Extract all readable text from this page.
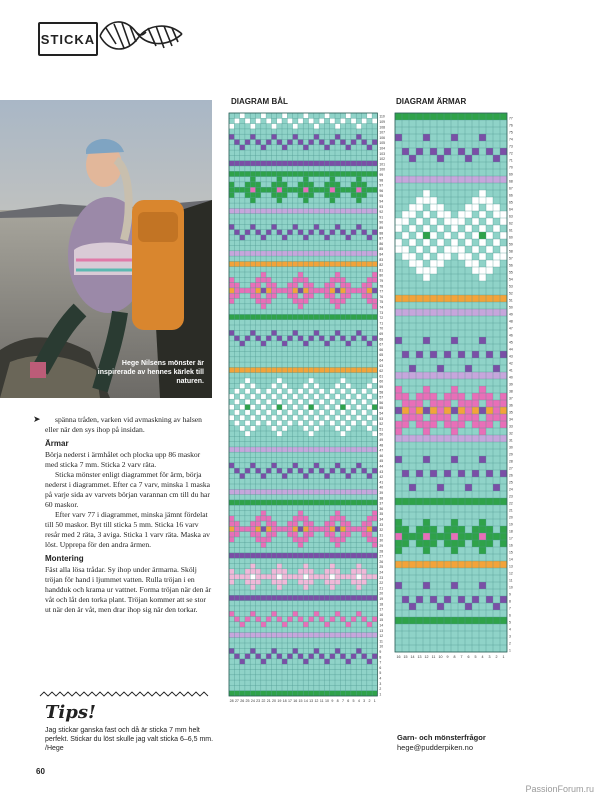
STICKA
Hege Nilsens mönster är inspirerade av hennes kärlek till naturen.
➤	spänna tråden, varken vid avmaskning av halsen eller när den sys ihop på insidan.

Ärmar

Börja nederst i ärmhålet och plocka upp 86 maskor med sticka 7 mm. Sticka 2 varv räta.

Sticka mönster enligt diagrammet för ärm, börja nederst i diagrammet. Efter ca 7 varv, minska 1 maska på varje sida av varvets början varannan cm till du har 60 maskor.

Efter varv 77 i diagrammet, minska jämnt fördelat till 50 maskor. Byt till sticka 5 mm. Sticka 16 varv resår med 2 räta, 3 aviga. Sticka 1 varv räta. Maska av löst. Upprepa för den andra ärmen.

Montering

Fäst alla lösa trådar. Sy ihop under ärmarna. Skölj tröjan för hand i ljummet vatten. Rulla tröjan i en handduk och krama ur vattnet. Forma tröjan när den är våt och låt den torka plant. Tröjan kommer att se stor ut när den är våt, men drar ihop sig när den torkar.

Tips!
Jag stickar ganska fast och då är sticka 7 mm helt perfekt. Stickar du löst skulle jag valt sticka 6–6,5 mm. /Hege
60
DIAGRAM BÅL
1
2
3
4
5
6
7
8
9
10
11
12
13
14
15
16
17
18
19
20
21
22
23
24
25
26
27
28
29
30
31
32
33
34
35
36
37
38
39
40
41
42
43
44
45
46
47
48
49
50
51
52
53
54
55
56
57
58
59
60
61
62
63
64
65
66
67
68
69
70
71
72
73
74
75
76
77
78
79
80
81
82
83
84
85
86
87
88
89
90
91
92
93
94
95
96
97
98
99
100
101
102
103
104
105
106
107
108
109
110
28 27 26 25 24 23 22 21 20 19 18 17 16 15 14 13 12 11 10 9 8 7 6 5 4 3 2 1
DIAGRAM ÄRMAR
1
2
3
4
5
6
7
8
9
10
11
12
13
14
15
16
17
18
19
20
21
22
23
24
25
26
27
28
29
30
31
32
33
34
35
36
37
38
39
40
41
42
43
44
45
46
47
48
49
50
51
52
53
54
55
56
57
58
59
60
61
62
63
64
65
66
67
68
69
70
71
72
73
74
75
76
77
16 15 14 13 12 11 10 9 8 7 6 5 4 3 2 1
Garn- och mönsterfrågor
hege@pudderpiken.no
PassionForum.ru
